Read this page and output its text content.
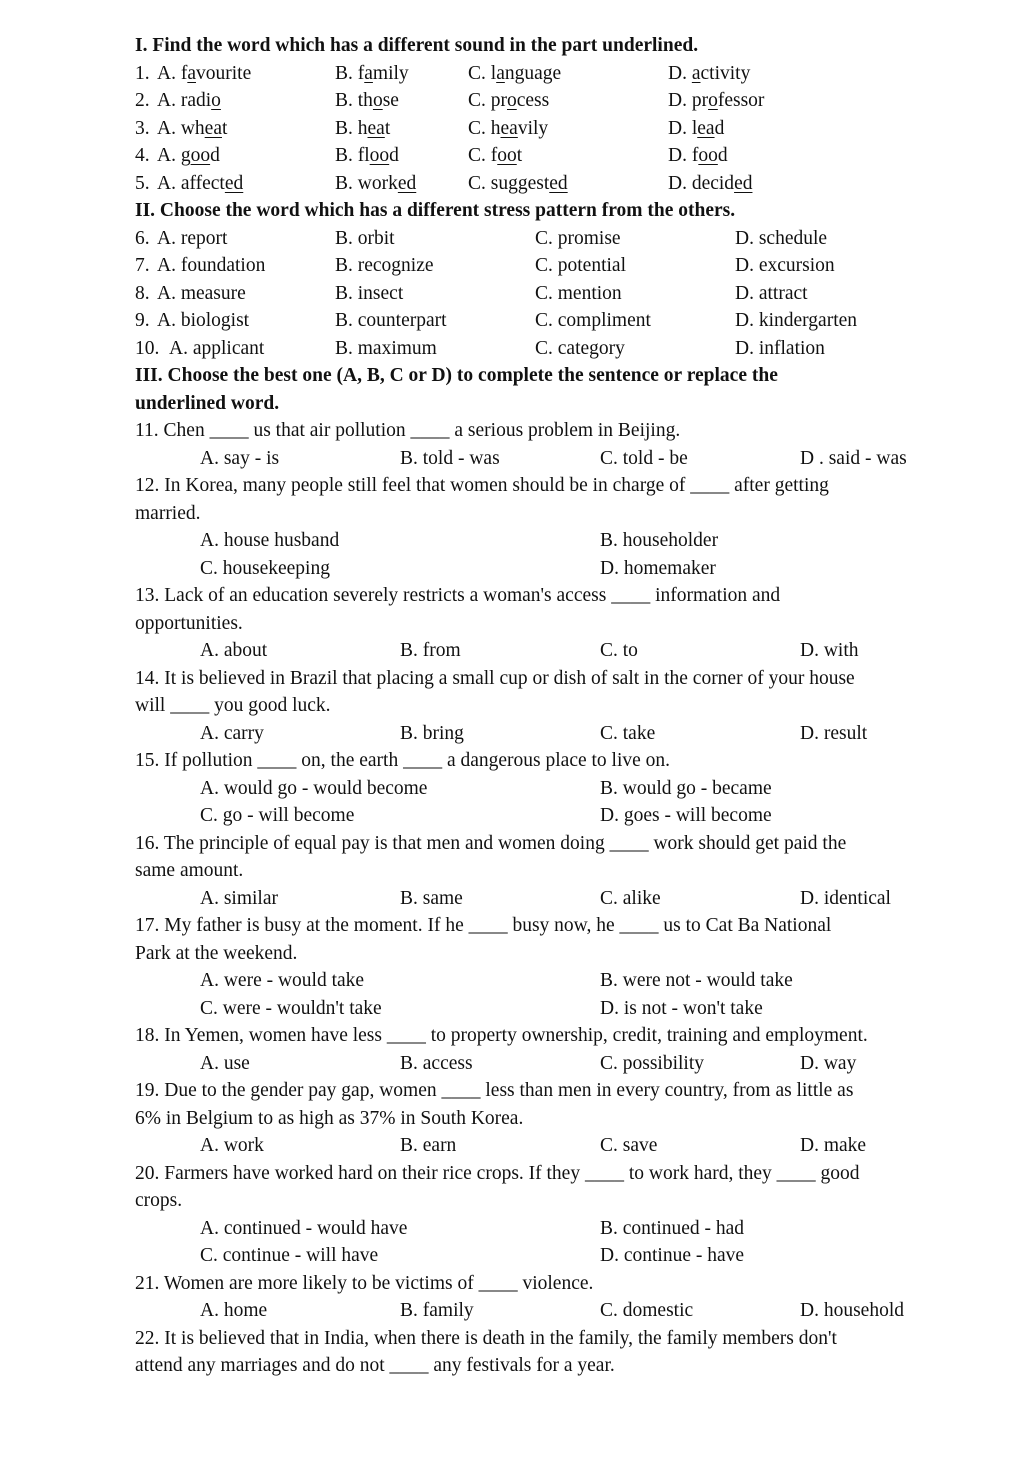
I. Find the word which has a different sound in the part underlined.
1. A. favourite	B. family	C. language	D. activity
2. A. radio	B. those	C. process	D. professor
3. A. wheat	B. heat	C. heavily	D. lead
4. A. good	B. flood	C. foot	D. food
5. A. affected	B. worked	C. suggested	D. decided
II. Choose the word which has a different stress pattern from the others.
6. A. report	B. orbit	C. promise	D. schedule
7. A. foundation	B. recognize	C. potential	D. excursion
8. A. measure	B. insect	C. mention	D. attract
9. A. biologist	B. counterpart	C. compliment	D. kindergarten
10. A. applicant	B. maximum	C. category	D. inflation
III. Choose the best one (A, B, C or D) to complete the sentence or replace the
underlined word.
11. Chen ____ us that air pollution ____ a serious problem in Beijing.
A. say - is	B. told - was	C. told - be	D . said - was
12. In Korea, many people still feel that women should be in charge of ____ after getting
married.
A. house husband	B. householder
C. housekeeping	D. homemaker
13. Lack of an education severely restricts a woman's access ____ information and
opportunities.
A. about	B. from	C. to	D. with
14. It is believed in Brazil that placing a small cup or dish of salt in the corner of your house
will ____ you good luck.
A. carry	B. bring	C. take	D. result
15. If pollution ____ on, the earth ____ a dangerous place to live on.
A. would go - would become	B. would go - became
C. go - will become	D. goes - will become
16. The principle of equal pay is that men and women doing ____ work should get paid the
same amount.
A. similar	B. same	C. alike	D. identical
17. My father is busy at the moment. If he ____ busy now, he ____ us to Cat Ba National
Park at the weekend.
A. were - would take	B. were not - would take
C. were - wouldn't take	D. is not - won't take
18. In Yemen, women have less ____ to property ownership, credit, training and employment.
A. use	B. access	C. possibility	D. way
19. Due to the gender pay gap, women ____ less than men in every country, from as little as
6% in Belgium to as high as 37% in South Korea.
A. work	B. earn	C. save	D. make
20. Farmers have worked hard on their rice crops. If they ____ to work hard, they ____ good
crops.
A. continued - would have	B. continued - had
C. continue - will have	D. continue - have
21. Women are more likely to be victims of ____ violence.
A. home	B. family	C. domestic	D. household
22. It is believed that in India, when there is death in the family, the family members don't
attend any marriages and do not ____ any festivals for a year.
